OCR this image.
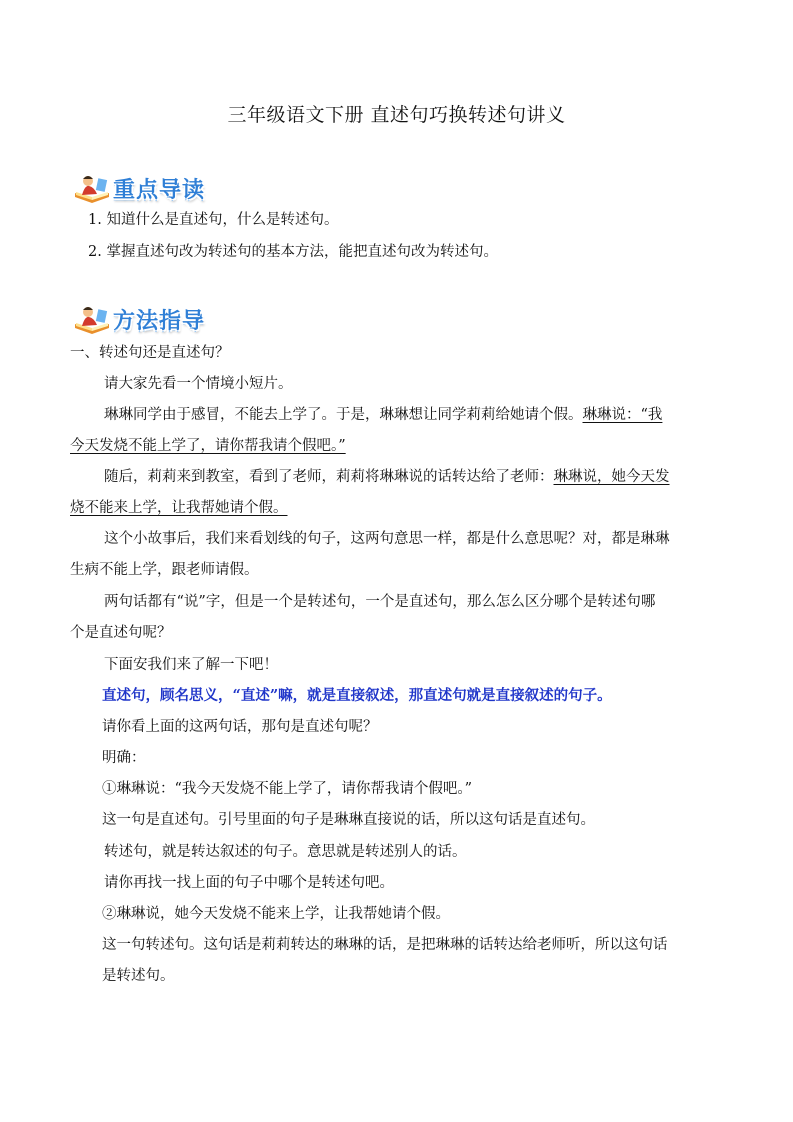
三年级语文下册 直述句巧换转述句讲义
重点导读
1. 知道什么是直述句，什么是转述句。
2. 掌握直述句改为转述句的基本方法，能把直述句改为转述句。
方法指导
一、转述句还是直述句？
请大家先看一个情境小短片。
琳琳同学由于感冒，不能去上学了。于是，琳琳想让同学莉莉给她请个假。琳琳说：“我
今天发烧不能上学了，请你帮我请个假吧。”
随后，莉莉来到教室，看到了老师，莉莉将琳琳说的话转达给了老师：琳琳说，她今天发
烧不能来上学，让我帮她请个假。
这个小故事后，我们来看划线的句子，这两句意思一样，都是什么意思呢？对，都是琳琳
生病不能上学，跟老师请假。
两句话都有“说”字，但是一个是转述句，一个是直述句，那么怎么区分哪个是转述句哪
个是直述句呢？
下面安我们来了解一下吧！
直述句，顾名思义，“直述”嘛，就是直接叙述，那直述句就是直接叙述的句子。
请你看上面的这两句话，那句是直述句呢？
明确：
①琳琳说：“我今天发烧不能上学了，请你帮我请个假吧。”
这一句是直述句。引号里面的句子是琳琳直接说的话，所以这句话是直述句。
转述句，就是转达叙述的句子。意思就是转述别人的话。
请你再找一找上面的句子中哪个是转述句吧。
②琳琳说，她今天发烧不能来上学，让我帮她请个假。
这一句转述句。这句话是莉莉转达的琳琳的话，是把琳琳的话转达给老师听，所以这句话
是转述句。
